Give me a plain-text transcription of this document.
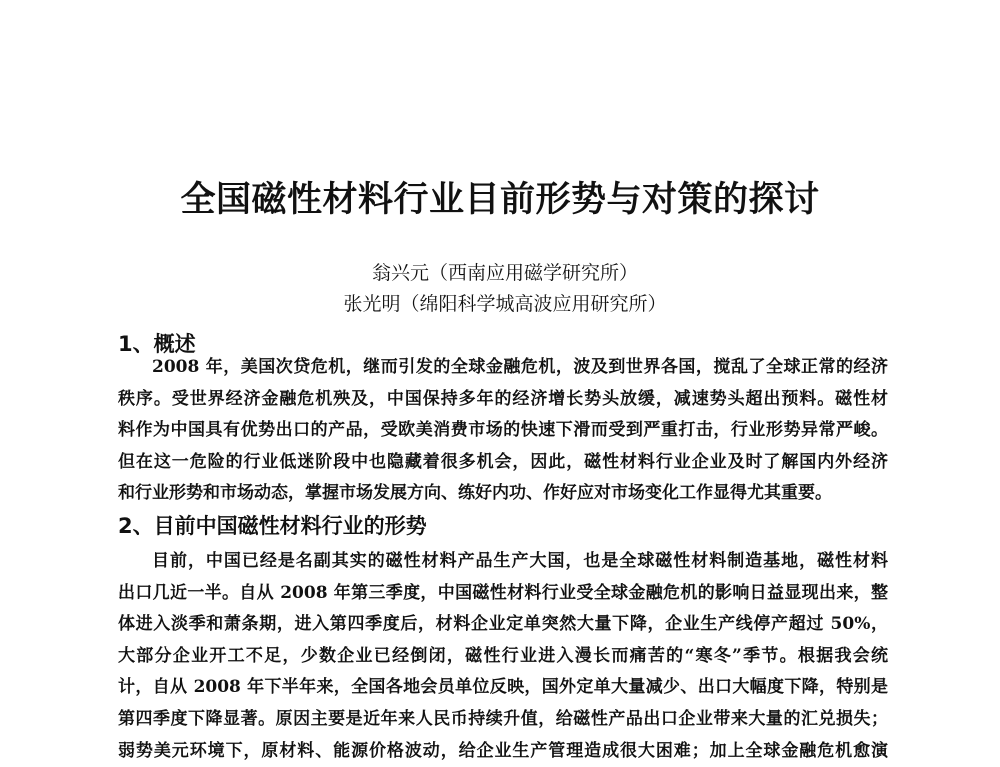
全国磁性材料行业目前形势与对策的探讨
翁兴元（西南应用磁学研究所）
张光明（绵阳科学城高波应用研究所）
1、概述
2008 年，美国次贷危机，继而引发的全球金融危机，波及到世界各国，搅乱了全球正常的经济
秩序。受世界经济金融危机殃及，中国保持多年的经济增长势头放缓，减速势头超出预料。磁性材
料作为中国具有优势出口的产品，受欧美消费市场的快速下滑而受到严重打击，行业形势异常严峻。
但在这一危险的行业低迷阶段中也隐藏着很多机会，因此，磁性材料行业企业及时了解国内外经济
和行业形势和市场动态，掌握市场发展方向、练好内功、作好应对市场变化工作显得尤其重要。
2、目前中国磁性材料行业的形势
目前，中国已经是名副其实的磁性材料产品生产大国，也是全球磁性材料制造基地，磁性材料
出口几近一半。自从 2008 年第三季度，中国磁性材料行业受全球金融危机的影响日益显现出来，整
体进入淡季和萧条期，进入第四季度后，材料企业定单突然大量下降，企业生产线停产超过 50%，
大部分企业开工不足，少数企业已经倒闭，磁性行业进入漫长而痛苦的“寒冬”季节。根据我会统
计，自从 2008 年下半年来，全国各地会员单位反映，国外定单大量减少、出口大幅度下降，特别是
第四季度下降显著。原因主要是近年来人民币持续升值，给磁性产品出口企业带来大量的汇兑损失；
弱势美元环境下，原材料、能源价格波动，给企业生产管理造成很大困难；加上全球金融危机愈演
